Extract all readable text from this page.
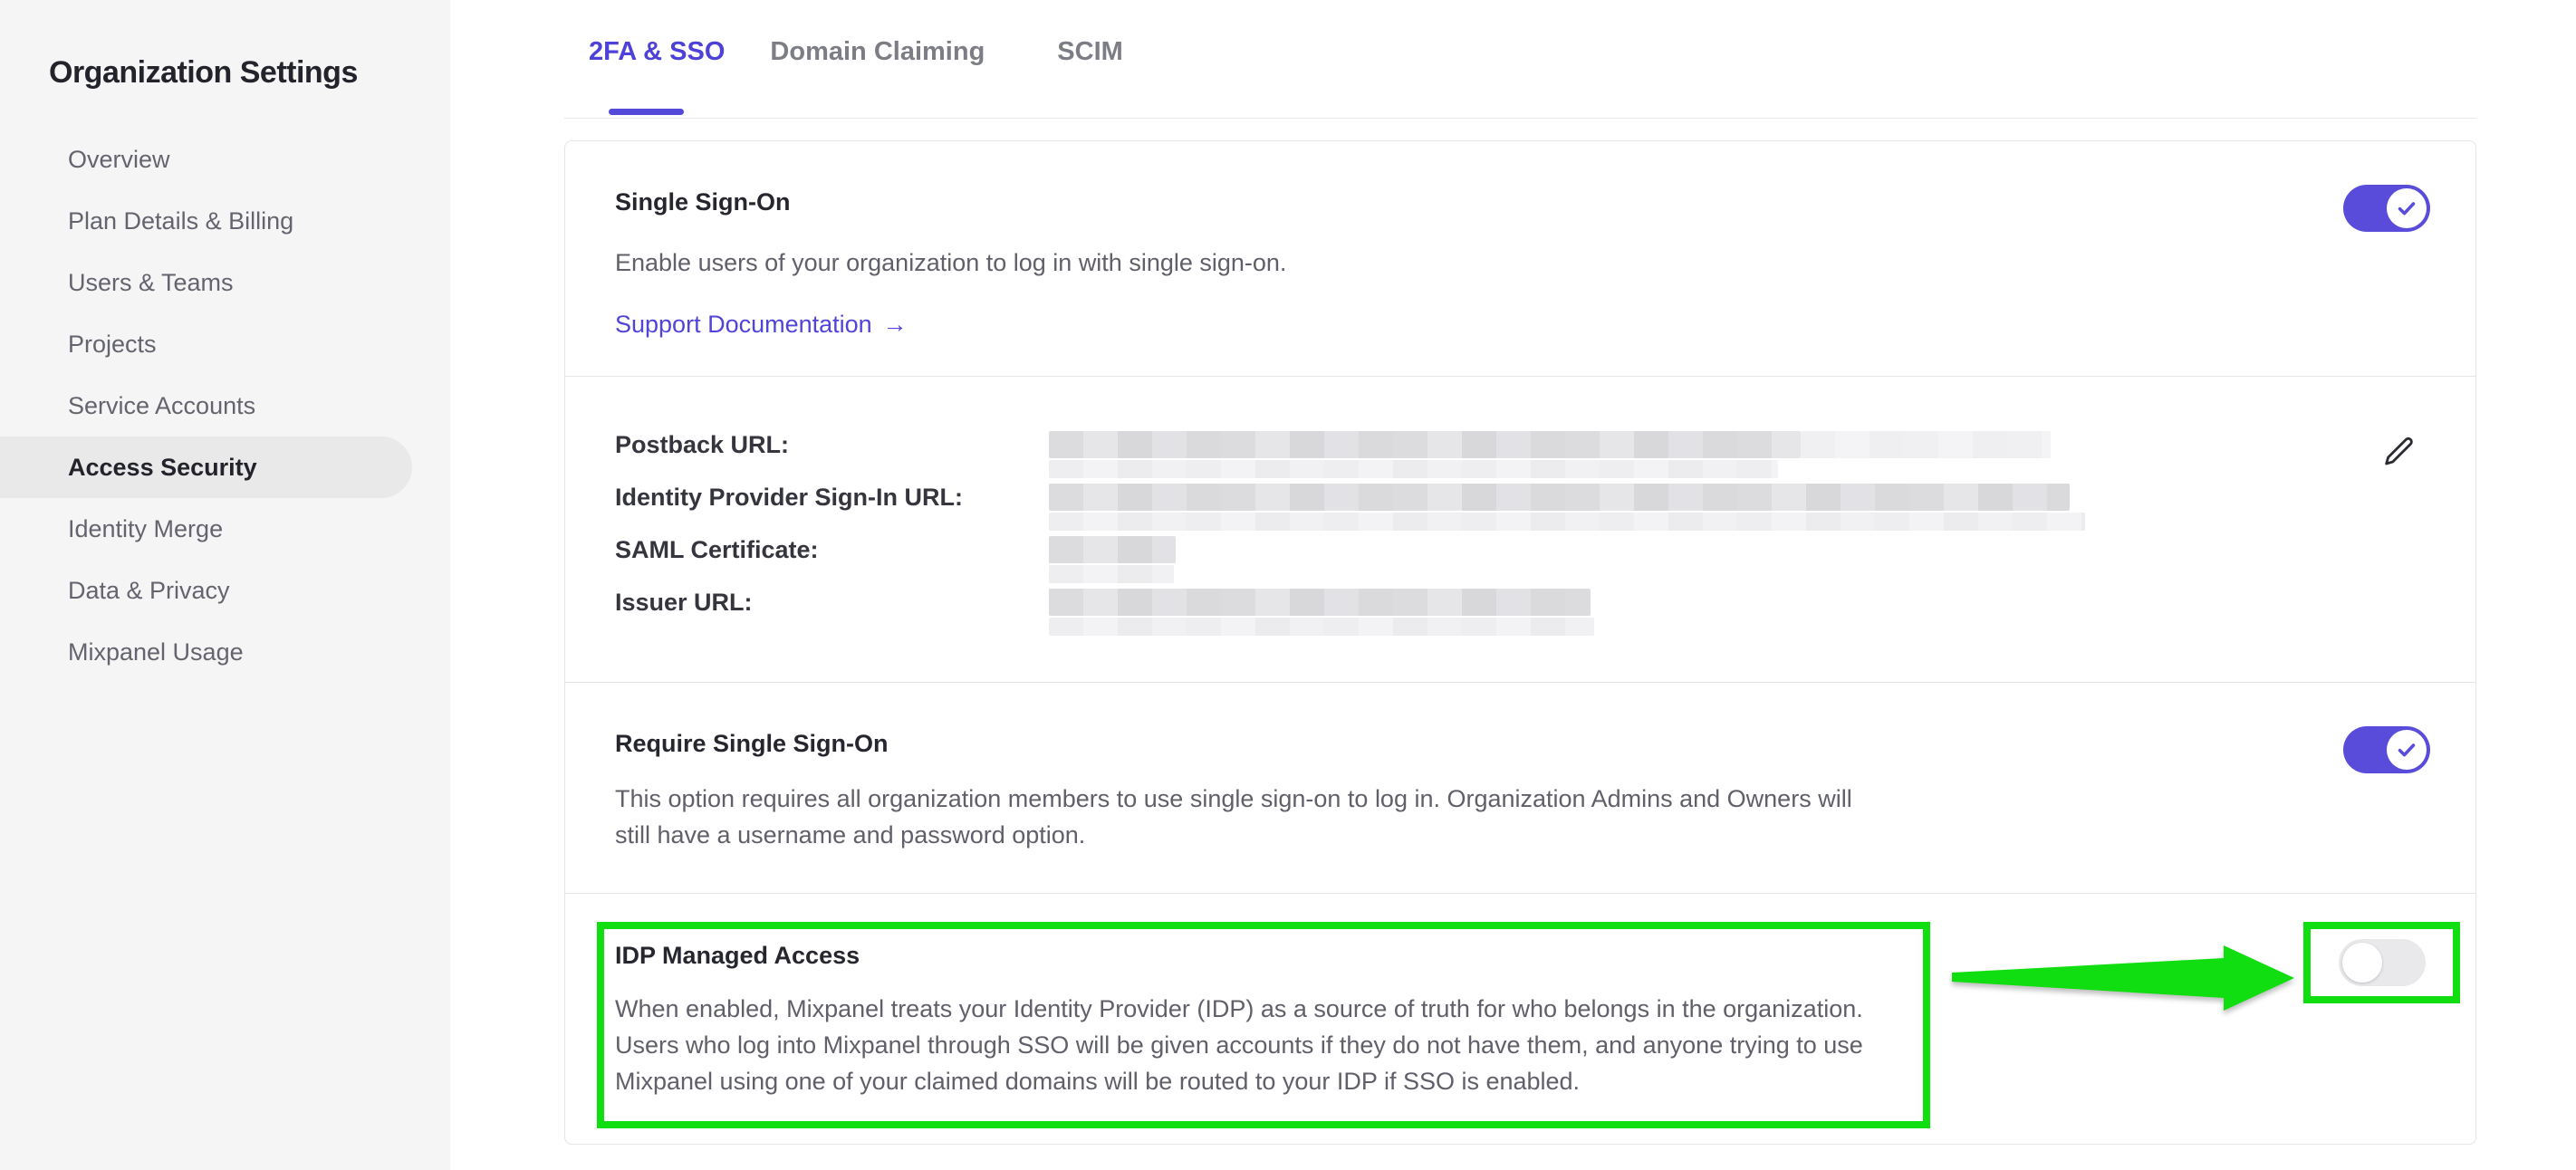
Organization Settings
Overview
Plan Details & Billing
Users & Teams
Projects
Service Accounts
Access Security
Identity Merge
Data & Privacy
Mixpanel Usage
2FA & SSO Domain Claiming	SCIM
Single Sign-On
Enable users of your organization to log in with single sign-on.
Support Documentation →
Postback URL:
Identity Provider Sign-In URL:
SAML Certificate:
Issuer URL:
Require Single Sign-On
This option requires all organization members to use single sign-on to log in. Organization Admins and Owners will still have a username and password option.
IDP Managed Access
When enabled, Mixpanel treats your Identity Provider (IDP) as a source of truth for who belongs in the organization. Users who log into Mixpanel through SSO will be given accounts if they do not have them, and anyone trying to use Mixpanel using one of your claimed domains will be routed to your IDP if SSO is enabled.
